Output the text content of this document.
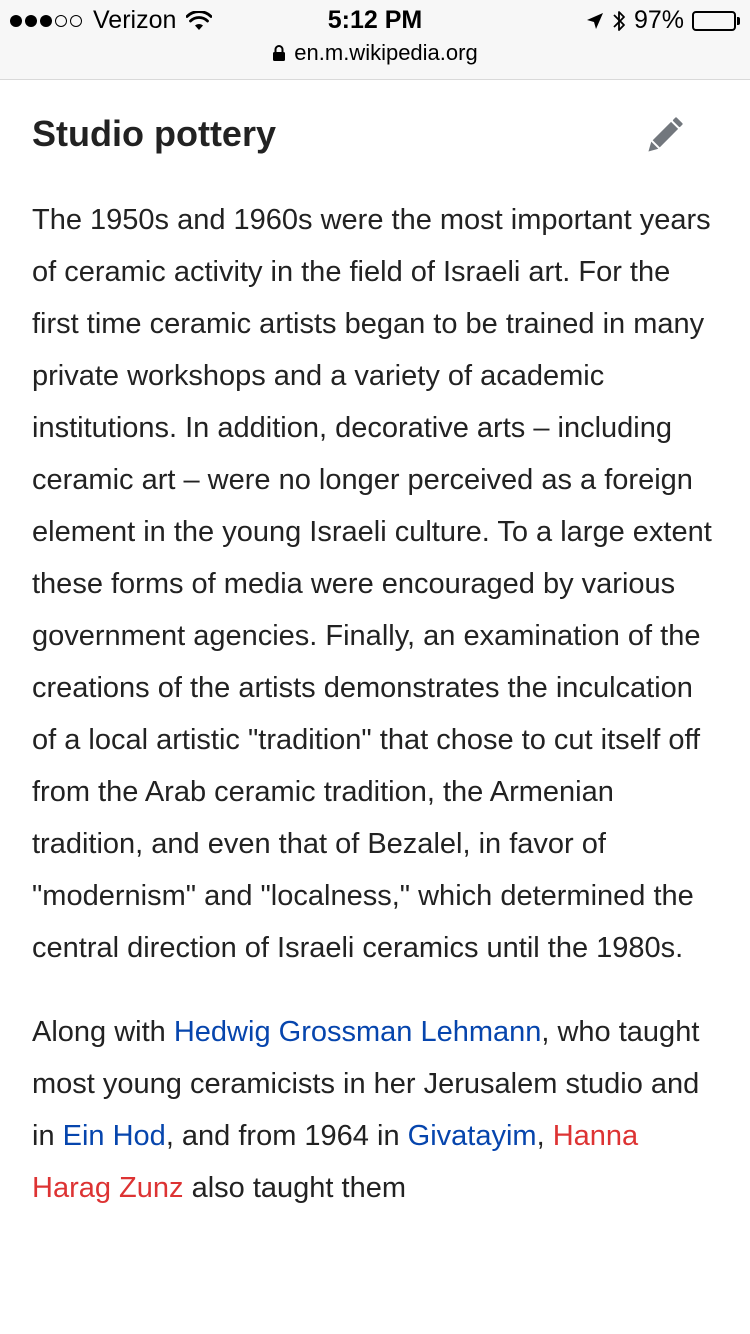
Verizon	5:12 PM	97%
en.m.wikipedia.org
Studio pottery

The 1950s and 1960s were the most important years of ceramic activity in the field of Israeli art. For the first time ceramic artists began to be trained in many private workshops and a variety of academic institutions. In addition, decorative arts – including ceramic art – were no longer perceived as a foreign element in the young Israeli culture. To a large extent these forms of media were encouraged by various government agencies. Finally, an examination of the creations of the artists demonstrates the inculcation of a local artistic "tradition" that chose to cut itself off from the Arab ceramic tradition, the Armenian tradition, and even that of Bezalel, in favor of "modernism" and "localness," which determined the central direction of Israeli ceramics until the 1980s.

Along with Hedwig Grossman Lehmann, who taught most young ceramicists in her Jerusalem studio and in Ein Hod, and from 1964 in Givatayim, Hanna Harag Zunz also taught them
